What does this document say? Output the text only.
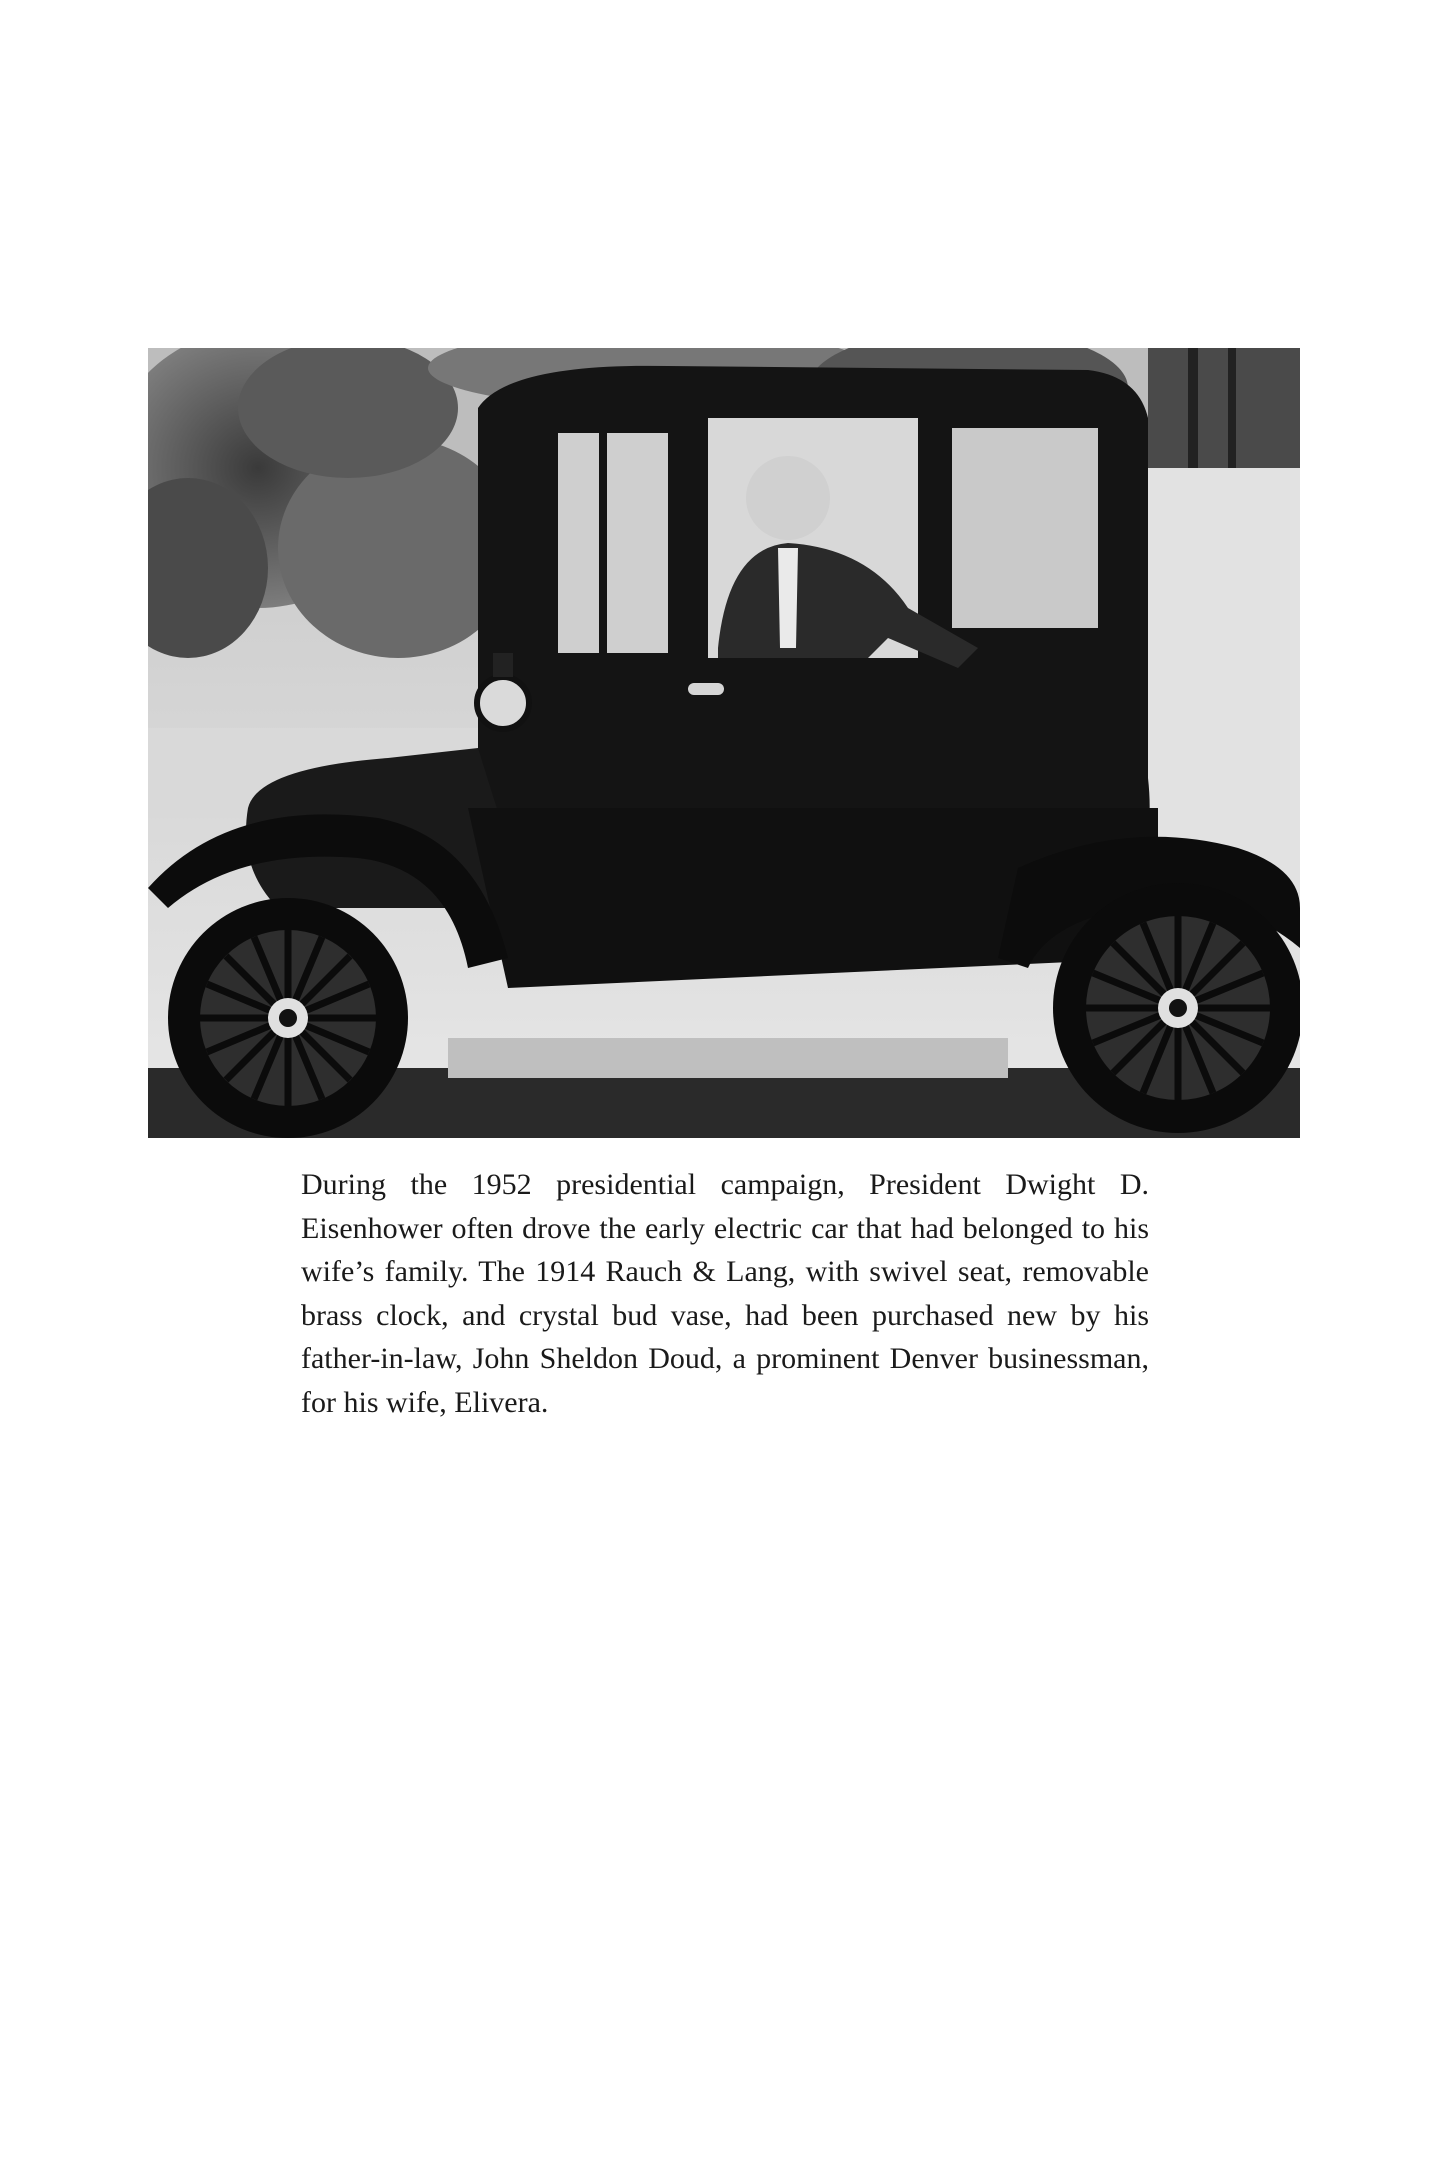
During the 1952 presidential campaign, President Dwight D. Eisenhower often drove the early electric car that had belonged to his wife’s family. The 1914 Rauch & Lang, with swivel seat, removable brass clock, and crystal bud vase, had been purchased new by his father-in-law, John Sheldon Doud, a prominent Denver businessman, for his wife, Elivera.
